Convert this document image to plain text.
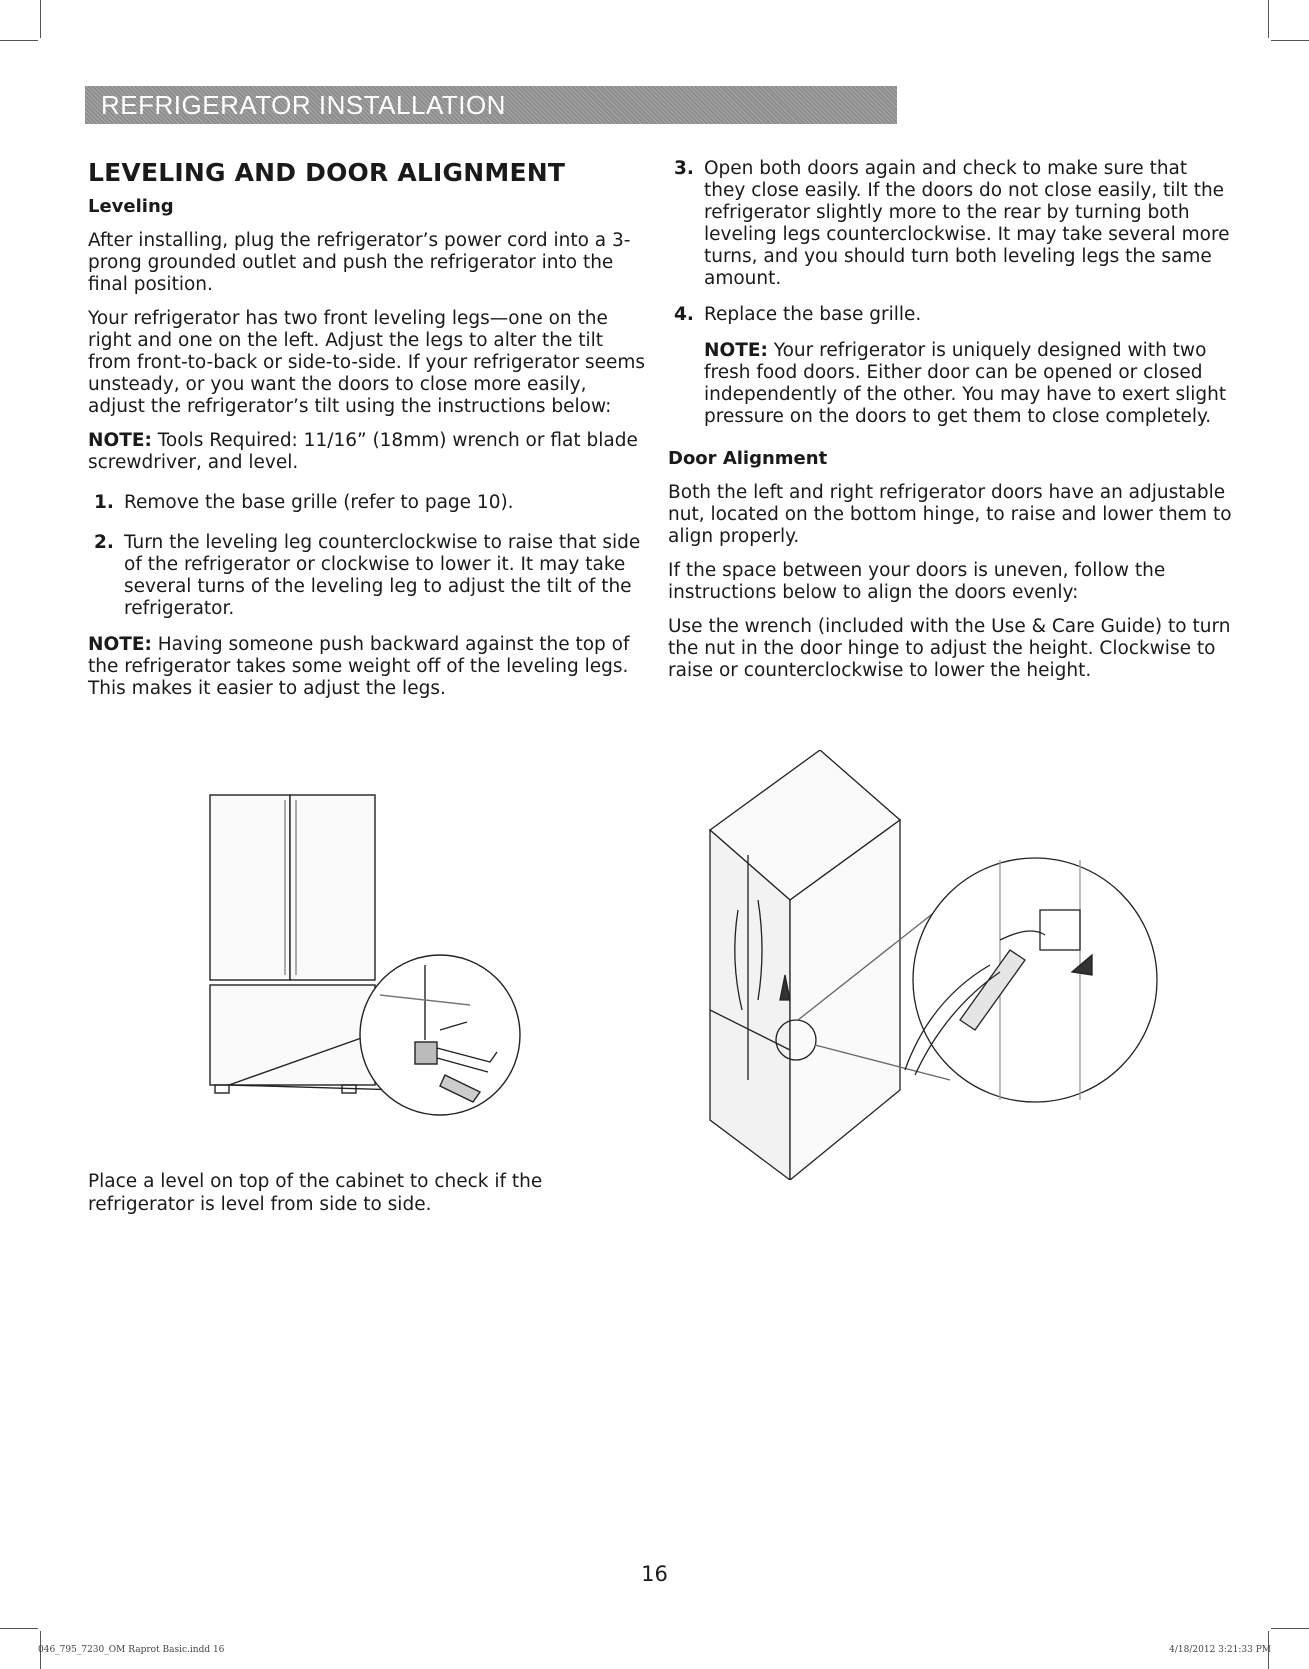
REFRIGERATOR INSTALLATION
LEVELING AND DOOR ALIGNMENT
Leveling

After installing, plug the refrigerator’s power cord into a 3-prong grounded outlet and push the refrigerator into the final position.

Your refrigerator has two front leveling legs—one on the right and one on the left. Adjust the legs to alter the tilt from front-to-back or side-to-side. If your refrigerator seems unsteady, or you want the doors to close more easily, adjust the refrigerator’s tilt using the instructions below:

NOTE: Tools Required: 11/16” (18mm) wrench or flat blade screwdriver, and level.

1. Remove the base grille (refer to page 10).
2. Turn the leveling leg counterclockwise to raise that side of the refrigerator or clockwise to lower it. It may take several turns of the leveling leg to adjust the tilt of the refrigerator.

NOTE: Having someone push backward against the top of the refrigerator takes some weight off of the leveling legs. This makes it easier to adjust the legs.

3. Open both doors again and check to make sure that they close easily. If the doors do not close easily, tilt the refrigerator slightly more to the rear by turning both leveling legs counterclockwise. It may take several more turns, and you should turn both leveling legs the same amount.
4. Replace the base grille.

NOTE: Your refrigerator is uniquely designed with two fresh food doors. Either door can be opened or closed independently of the other. You may have to exert slight pressure on the doors to get them to close completely.

Door Alignment

Both the left and right refrigerator doors have an adjustable nut, located on the bottom hinge, to raise and lower them to align properly.

If the space between your doors is uneven, follow the instructions below to align the doors evenly:

Use the wrench (included with the Use & Care Guide) to turn the nut in the door hinge to adjust the height. Clockwise to raise or counterclockwise to lower the height.

Place a level on top of the cabinet to check if the refrigerator is level from side to side.
16
046_795_7230_OM Raprot Basic.indd 16	4/18/2012 3:21:33 PM
